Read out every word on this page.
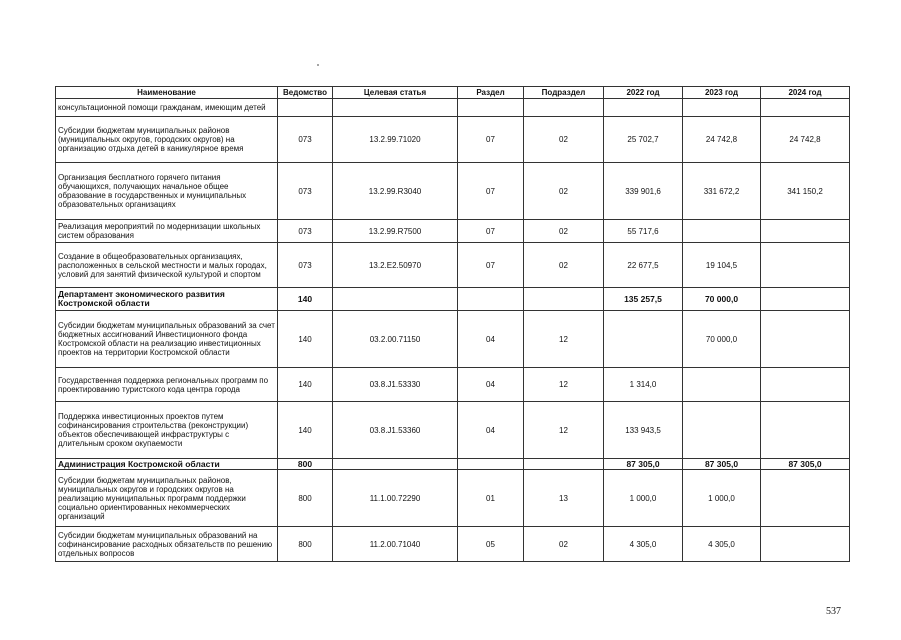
Наименование	Ведомство	Целевая статья	Раздел	Подраздел	2022 год	2023 год	2024 год
консультационной помощи гражданам, имеющим детей							
Субсидии бюджетам муниципальных районов (муниципальных округов, городских округов) на организацию отдыха детей в каникулярное время	073	13.2.99.71020	07	02	25 702,7	24 742,8	24 742,8
Организация бесплатного горячего питания обучающихся, получающих начальное общее образование в государственных и муниципальных образовательных организациях	073	13.2.99.R3040	07	02	339 901,6	331 672,2	341 150,2
Реализация мероприятий по модернизации школьных систем образования	073	13.2.99.R7500	07	02	55 717,6		
Создание в общеобразовательных организациях, расположенных в сельской местности и малых городах, условий для занятий физической культурой и спортом	073	13.2.E2.50970	07	02	22 677,5	19 104,5	
Департамент экономического развития Костромской области	140				135 257,5	70 000,0	
Субсидии бюджетам муниципальных образований за счет бюджетных ассигнований Инвестиционного фонда Костромской области на реализацию инвестиционных проектов на территории Костромской области	140	03.2.00.71150	04	12		70 000,0	
Государственная поддержка региональных программ по проектированию туристского кода центра города	140	03.8.J1.53330	04	12	1 314,0		
Поддержка инвестиционных проектов путем софинансирования строительства (реконструкции) объектов обеспечивающей инфраструктуры с длительным сроком окупаемости	140	03.8.J1.53360	04	12	133 943,5		
Администрация Костромской области	800				87 305,0	87 305,0	87 305,0
Субсидии бюджетам муниципальных районов, муниципальных округов и городских округов на реализацию муниципальных программ поддержки социально ориентированных некоммерческих организаций	800	11.1.00.72290	01	13	1 000,0	1 000,0	
Субсидии бюджетам муниципальных образований на софинансирование расходных обязательств по решению отдельных вопросов	800	11.2.00.71040	05	02	4 305,0	4 305,0	
537
